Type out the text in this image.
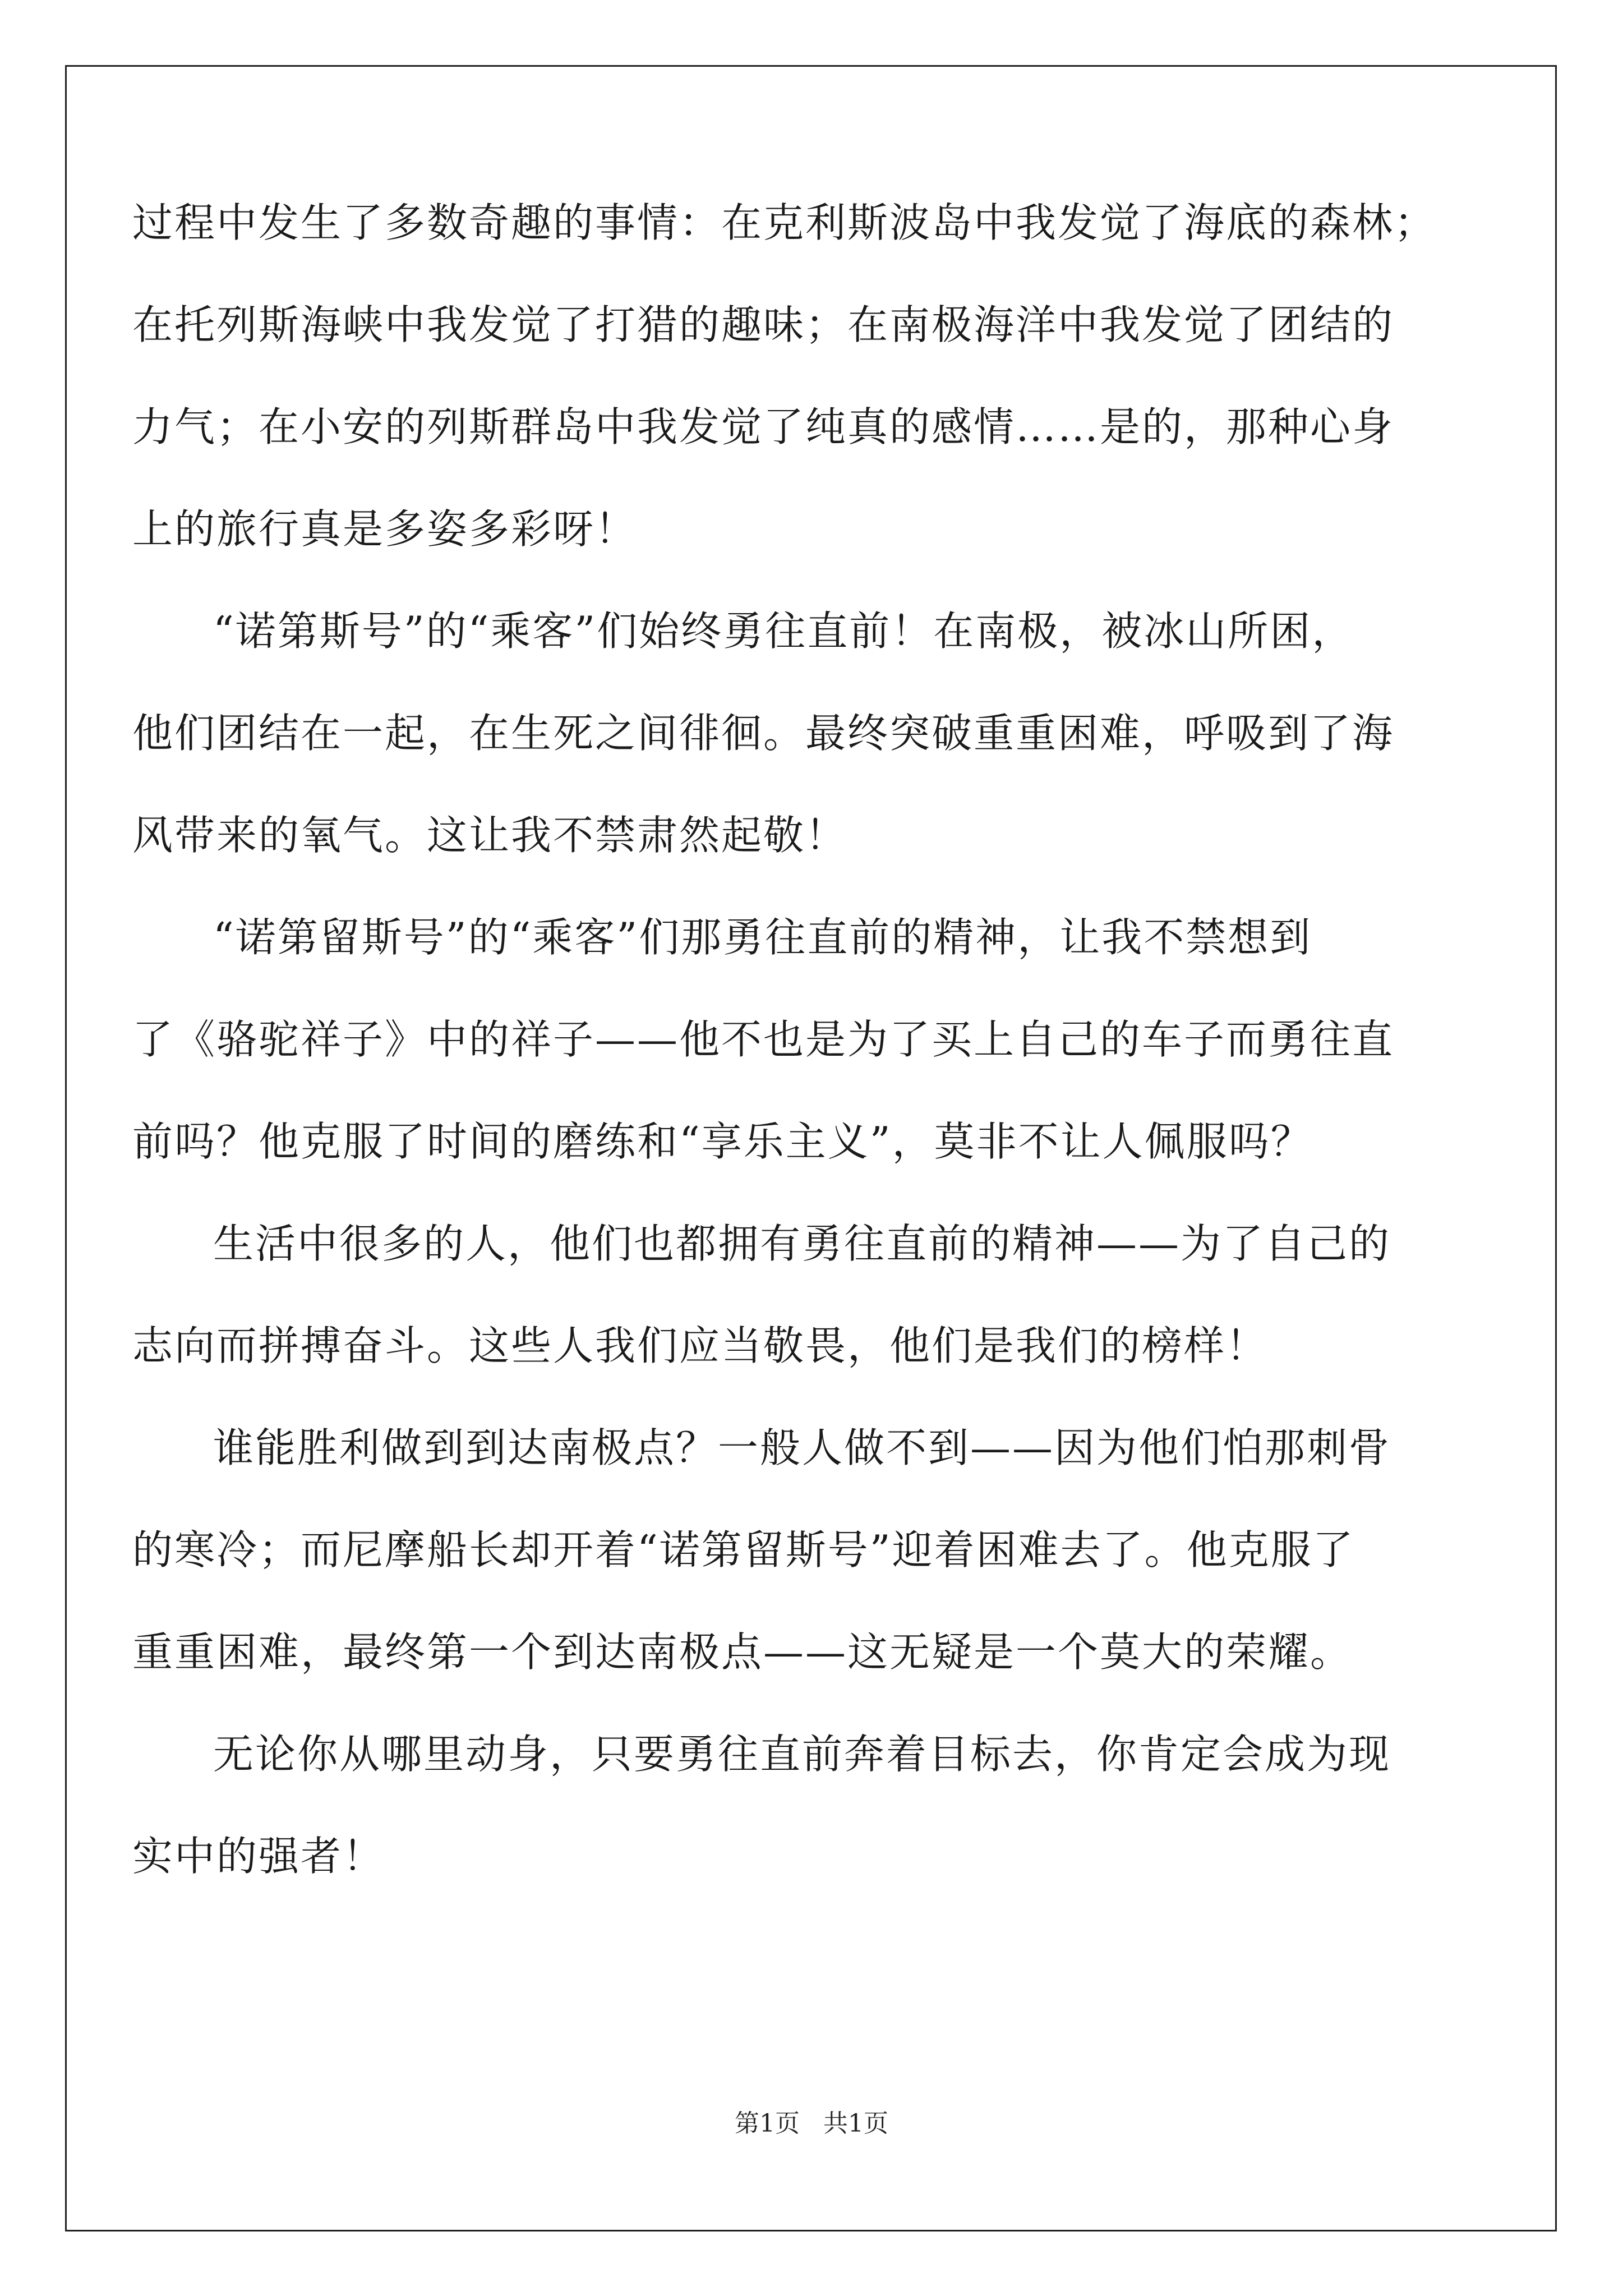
过程中发生了多数奇趣的事情：在克利斯波岛中我发觉了海底的森林；
在托列斯海峡中我发觉了打猎的趣味；在南极海洋中我发觉了团结的
力气；在小安的列斯群岛中我发觉了纯真的感情……是的，那种心身
上的旅行真是多姿多彩呀！
“诺第斯号”的“乘客”们始终勇往直前！在南极，被冰山所困，
他们团结在一起，在生死之间徘徊。最终突破重重困难，呼吸到了海
风带来的氧气。这让我不禁肃然起敬！
“诺第留斯号”的“乘客”们那勇往直前的精神，让我不禁想到
了《骆驼祥子》中的祥子——他不也是为了买上自己的车子而勇往直
前吗？他克服了时间的磨练和“享乐主义”，莫非不让人佩服吗？
生活中很多的人，他们也都拥有勇往直前的精神——为了自己的
志向而拼搏奋斗。这些人我们应当敬畏，他们是我们的榜样！
谁能胜利做到到达南极点？一般人做不到——因为他们怕那刺骨
的寒冷；而尼摩船长却开着“诺第留斯号”迎着困难去了。他克服了
重重困难，最终第一个到达南极点——这无疑是一个莫大的荣耀。
无论你从哪里动身，只要勇往直前奔着目标去，你肯定会成为现
实中的强者！
第1页   共1页
